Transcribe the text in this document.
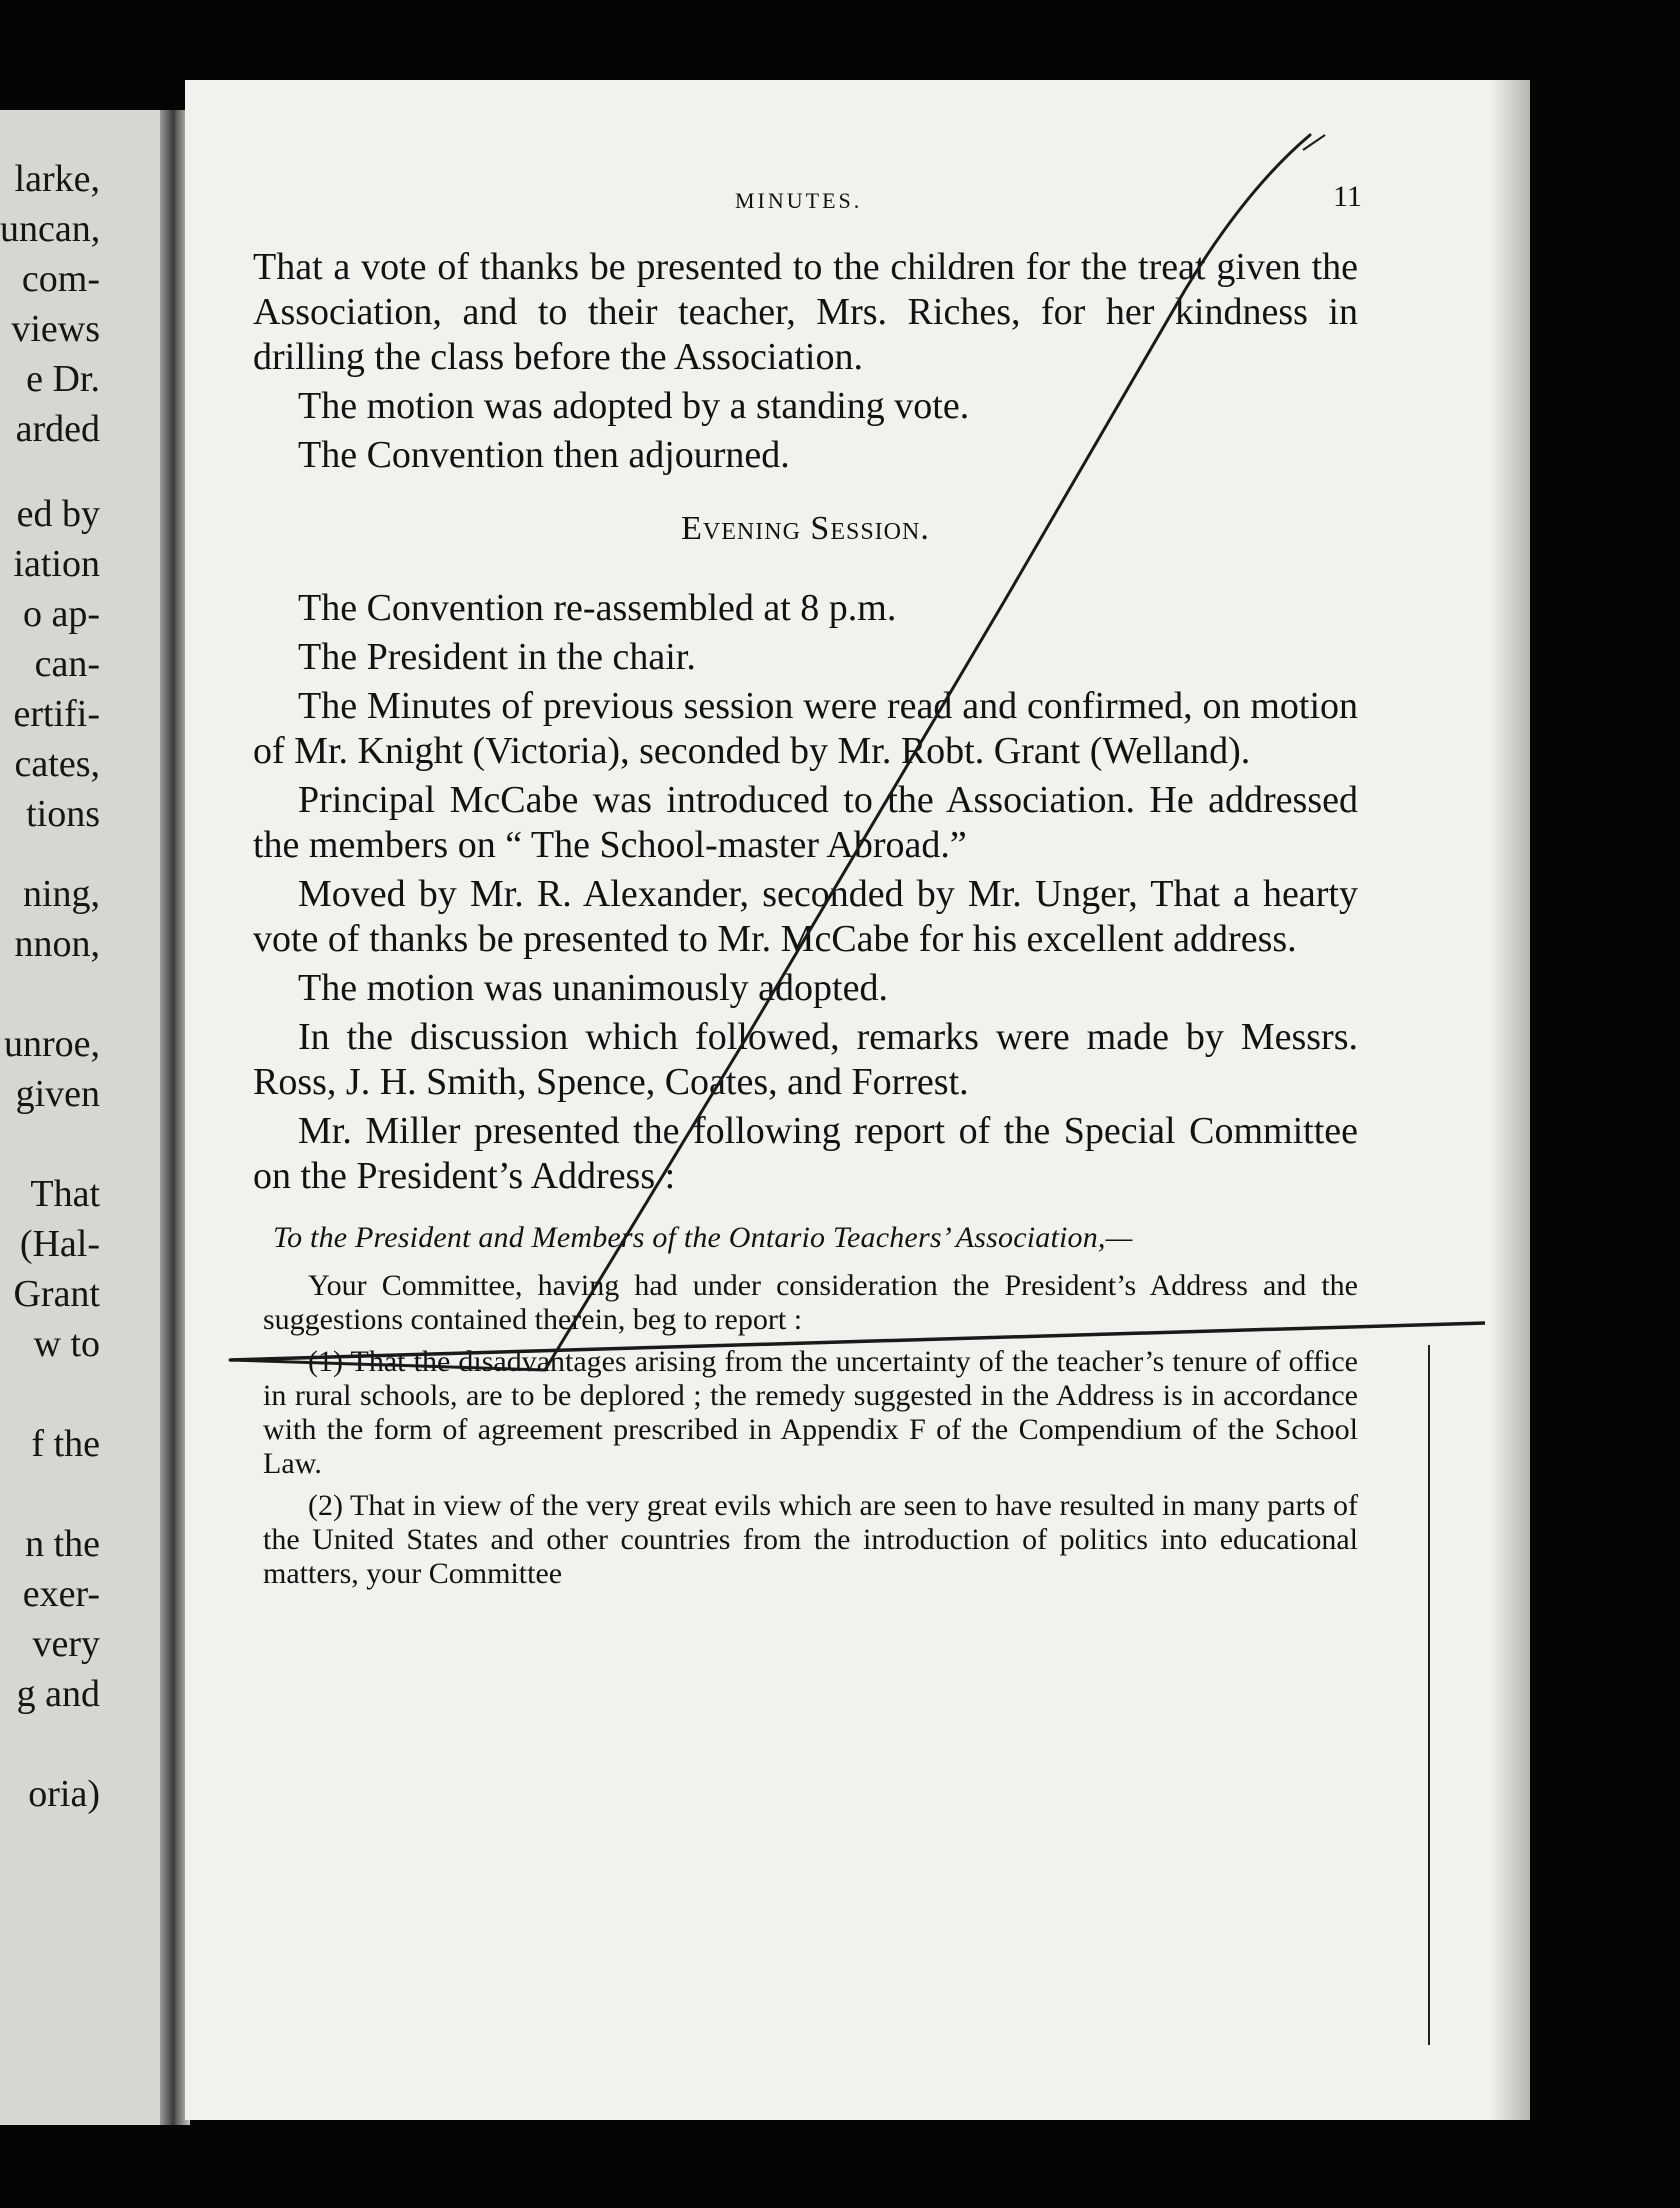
larke,
uncan,
com-
views
e Dr.
arded
ed by
iation
o ap-
can-
ertifi-
cates,
tions
ning,
nnon,
unroe,
given
That
(Hal-
Grant
w to
f the
n the
exer-
very
g and
oria)
MINUTES.	11

That a vote of thanks be presented to the children for the treat given the Association, and to their teacher, Mrs. Riches, for her kindness in drilling the class before the Association.

The motion was adopted by a standing vote.

The Convention then adjourned.

Evening Session.

The Convention re-assembled at 8 p.m.

The President in the chair.

The Minutes of previous session were read and confirmed, on motion of Mr. Knight (Victoria), seconded by Mr. Robt. Grant (Welland).

Principal McCabe was introduced to the Association. He addressed the members on “ The School-master Abroad.”

Moved by Mr. R. Alexander, seconded by Mr. Unger, That a hearty vote of thanks be presented to Mr. McCabe for his excellent address.

The motion was unanimously adopted.

In the discussion which followed, remarks were made by Messrs. Ross, J. H. Smith, Spence, Coates, and Forrest.

Mr. Miller presented the following report of the Special Committee on the President’s Address :

To the President and Members of the Ontario Teachers’ Association,—

Your Committee, having had under consideration the President’s Address and the suggestions contained therein, beg to report :

(1) That the disadvantages arising from the uncertainty of the teacher’s tenure of office in rural schools, are to be deplored ; the remedy suggested in the Address is in accordance with the form of agreement prescribed in Appendix F of the Compendium of the School Law.

(2) That in view of the very great evils which are seen to have resulted in many parts of the United States and other countries from the introduction of politics into educational matters, your Committee
